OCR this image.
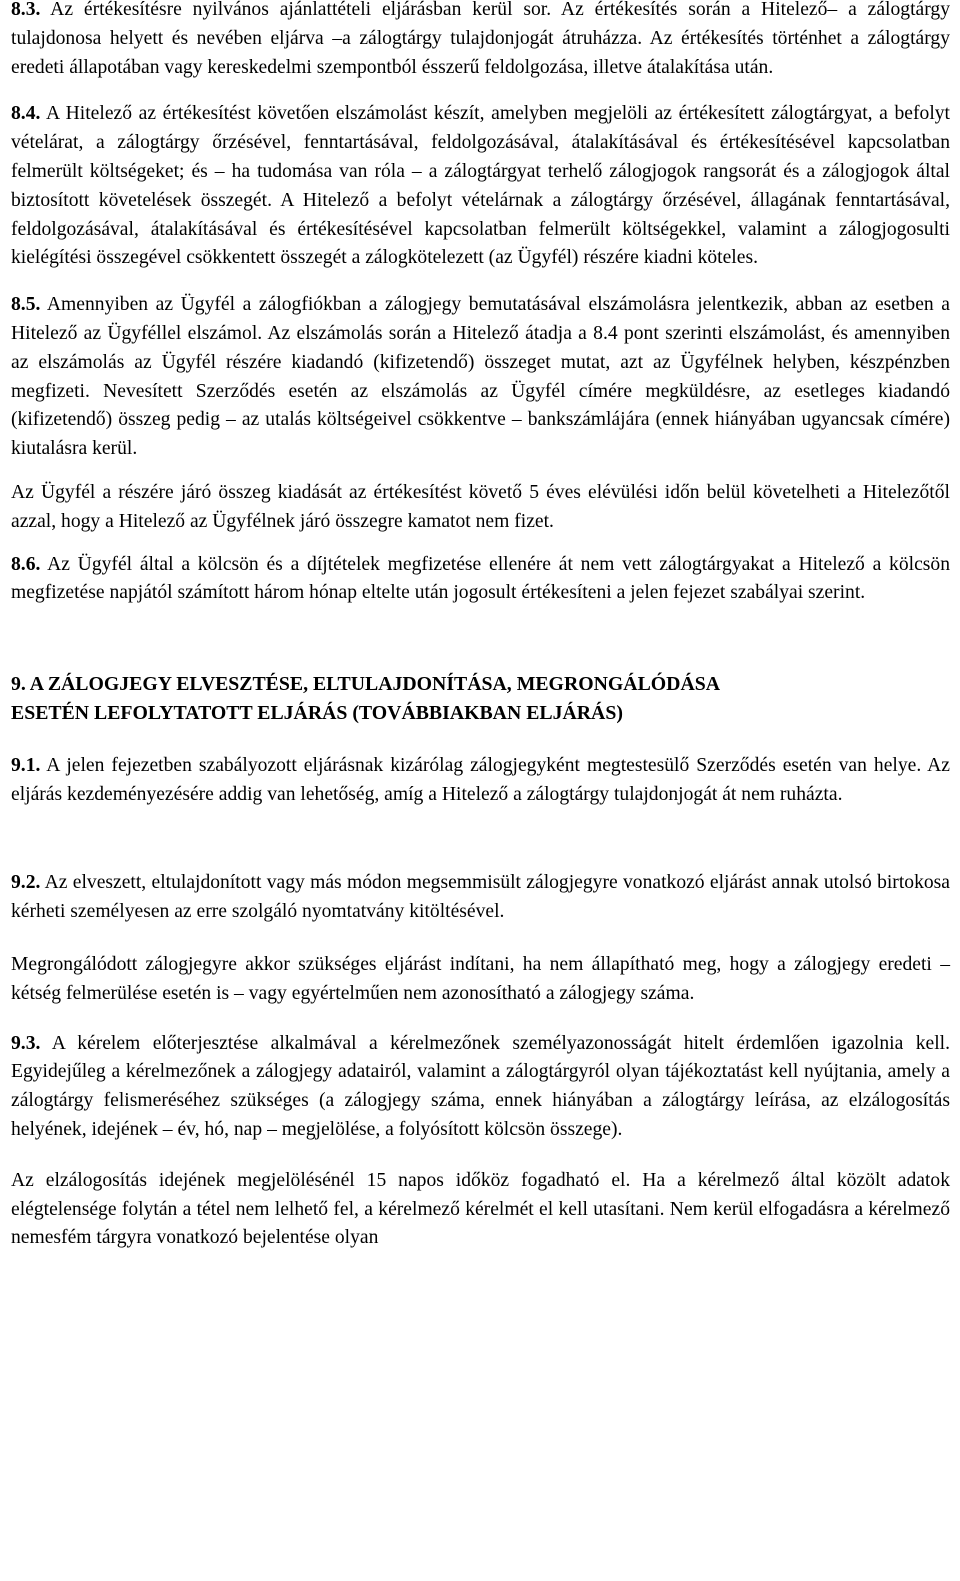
8.3. Az értékesítésre nyilvános ajánlattételi eljárásban kerül sor. Az értékesítés során a Hitelező– a zálogtárgy tulajdonosa helyett és nevében eljárva –a zálogtárgy tulajdonjogát átruházza. Az értékesítés történhet a zálogtárgy eredeti állapotában vagy kereskedelmi szempontból ésszerű feldolgozása, illetve átalakítása után.

8.4. A Hitelező az értékesítést követően elszámolást készít, amelyben megjelöli az értékesített zálogtárgyat, a befolyt vételárat, a zálogtárgy őrzésével, fenntartásával, feldolgozásával, átalakításával és értékesítésével kapcsolatban felmerült költségeket; és – ha tudomása van róla – a zálogtárgyat terhelő zálogjogok rangsorát és a zálogjogok által biztosított követelések összegét. A Hitelező a befolyt vételárnak a zálogtárgy őrzésével, állagának fenntartásával, feldolgozásával, átalakításával és értékesítésével kapcsolatban felmerült költségekkel, valamint a zálogjogosulti kielégítési összegével csökkentett összegét a zálogkötelezett (az Ügyfél) részére kiadni köteles.

8.5. Amennyiben az Ügyfél a zálogfiókban a zálogjegy bemutatásával elszámolásra jelentkezik, abban az esetben a Hitelező az Ügyféllel elszámol. Az elszámolás során a Hitelező átadja a 8.4 pont szerinti elszámolást, és amennyiben az elszámolás az Ügyfél részére kiadandó (kifizetendő) összeget mutat, azt az Ügyfélnek helyben, készpénzben megfizeti. Nevesített Szerződés esetén az elszámolás az Ügyfél címére megküldésre, az esetleges kiadandó (kifizetendő) összeg pedig – az utalás költségeivel csökkentve – bankszámlájára (ennek hiányában ugyancsak címére) kiutalásra kerül.

Az Ügyfél a részére járó összeg kiadását az értékesítést követő 5 éves elévülési időn belül követelheti a Hitelezőtől azzal, hogy a Hitelező az Ügyfélnek járó összegre kamatot nem fizet.

8.6. Az Ügyfél által a kölcsön és a díjtételek megfizetése ellenére át nem vett zálogtárgyakat a Hitelező a kölcsön megfizetése napjától számított három hónap eltelte után jogosult értékesíteni a jelen fejezet szabályai szerint.

9. A ZÁLOGJEGY ELVESZTÉSE, ELTULAJDONÍTÁSA, MEGRONGÁLÓDÁSA

ESETÉN LEFOLYTATOTT ELJÁRÁS (TOVÁBBIAKBAN ELJÁRÁS)

9.1. A jelen fejezetben szabályozott eljárásnak kizárólag zálogjegyként megtestesülő Szerződés esetén van helye. Az eljárás kezdeményezésére addig van lehetőség, amíg a Hitelező a zálogtárgy tulajdonjogát át nem ruházta.

9.2. Az elveszett, eltulajdonított vagy más módon megsemmisült zálogjegyre vonatkozó eljárást annak utolsó birtokosa kérheti személyesen az erre szolgáló nyomtatvány kitöltésével.

Megrongálódott zálogjegyre akkor szükséges eljárást indítani, ha nem állapítható meg, hogy a zálogjegy eredeti – kétség felmerülése esetén is – vagy egyértelműen nem azonosítható a zálogjegy száma.

9.3. A kérelem előterjesztése alkalmával a kérelmezőnek személyazonosságát hitelt érdemlően igazolnia kell. Egyidejűleg a kérelmezőnek a zálogjegy adatairól, valamint a zálogtárgyról olyan tájékoztatást kell nyújtania, amely a zálogtárgy felismeréséhez szükséges (a zálogjegy száma, ennek hiányában a zálogtárgy leírása, az elzálogosítás helyének, idejének – év, hó, nap – megjelölése, a folyósított kölcsön összege).

Az elzálogosítás idejének megjelölésénél 15 napos időköz fogadható el. Ha a kérelmező által közölt adatok elégtelensége folytán a tétel nem lelhető fel, a kérelmező kérelmét el kell utasítani. Nem kerül elfogadásra a kérelmező nemesfém tárgyra vonatkozó bejelentése olyan
